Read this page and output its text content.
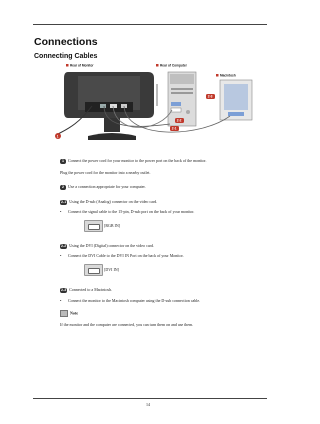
Connections
Connecting Cables
Rear of Monitor	Rear of Computer
Macintosh
1
2-3
2-2
2-1
1 Connect the power cord for your monitor to the power port on the back of the monitor.
Plug the power cord for the monitor into a nearby outlet.
2 Use a connection appropriate for your computer.
2-1 Using the D-sub (Analog) connector on the video card.
• Connect the signal cable to the 15-pin, D-sub port on the back of your monitor.
[RGB IN]
2-2 Using the DVI (Digital) connector on the video card.
• Connect the DVI Cable to the DVI IN Port on the back of your Monitor.
[DVI IN]
2-3 Connected to a Macintosh.
• Connect the monitor to the Macintosh computer using the D-sub connection cable.
Note
If the monitor and the computer are connected, you can turn them on and use them.
14
